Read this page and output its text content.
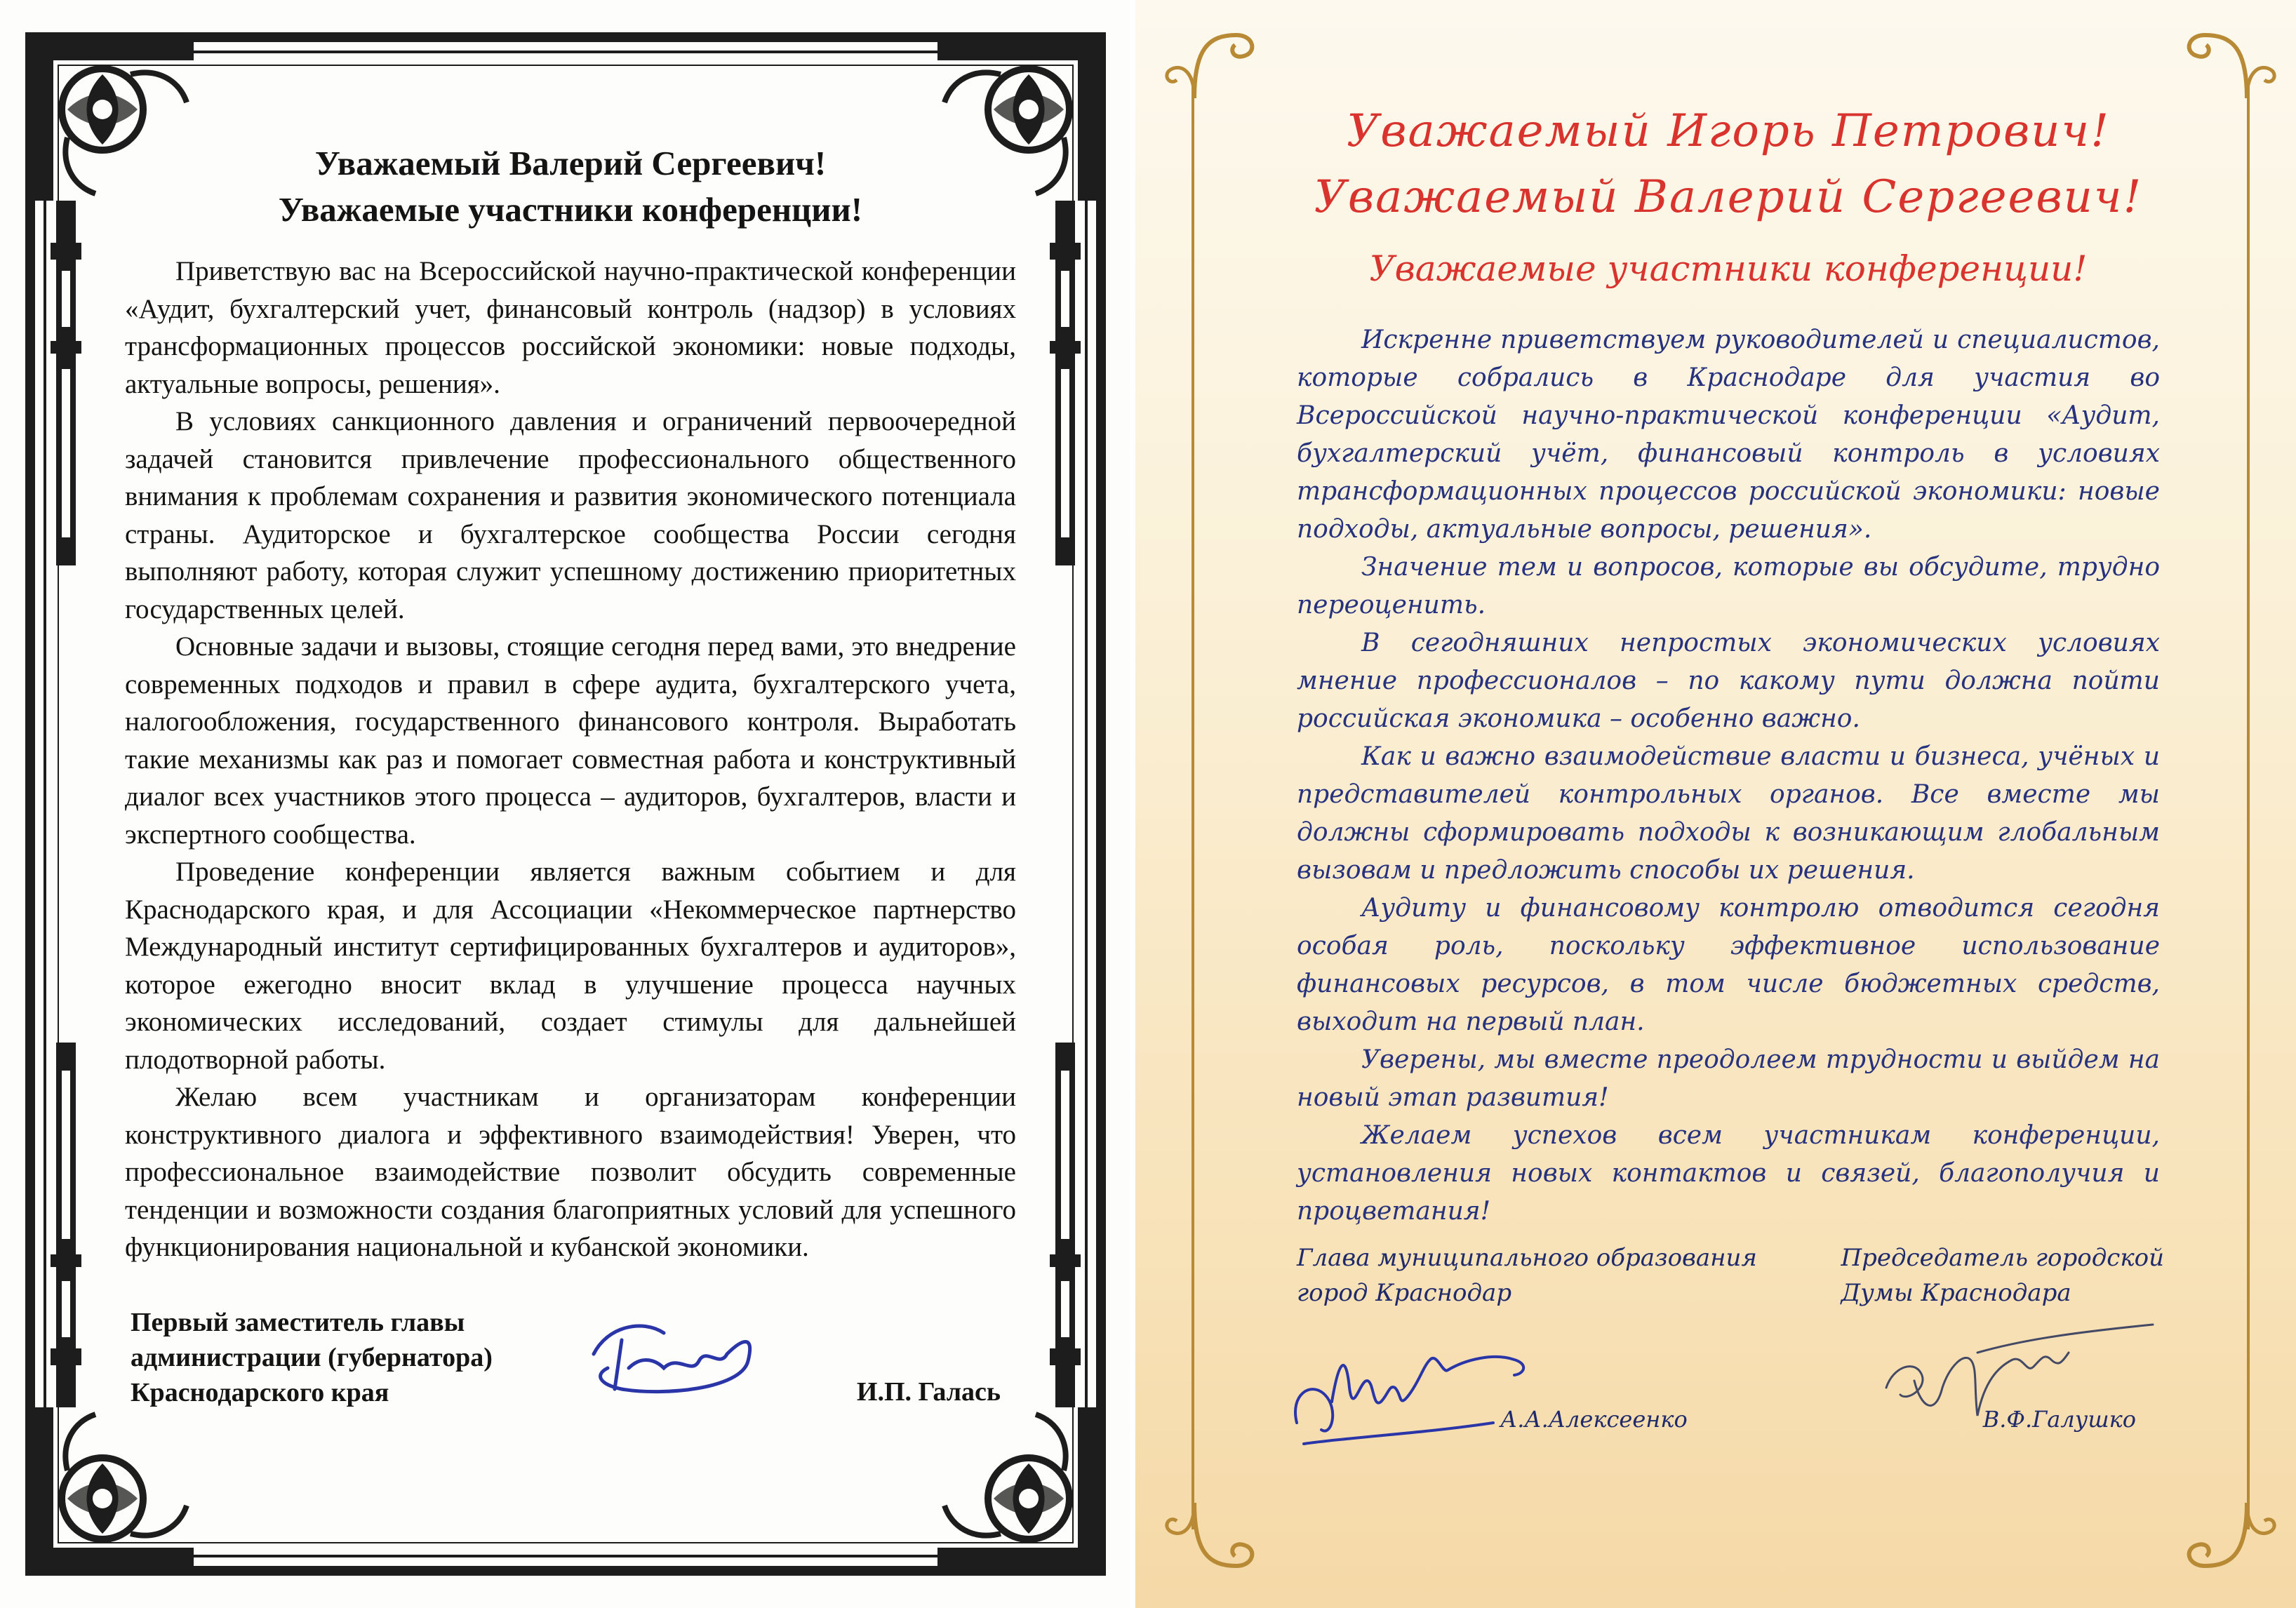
Уважаемый Валерий Сергеевич!
Уважаемые участники конференции!

Приветствую вас на Всероссийской научно-практической конференции «Аудит, бухгалтерский учет, финансовый контроль (надзор) в условиях трансформационных процессов российской экономики: новые подходы, актуальные вопросы, решения».

В условиях санкционного давления и ограничений первоочередной задачей становится привлечение профессионального общественного внимания к проблемам сохранения и развития экономического потенциала страны. Аудиторское и бухгалтерское сообщества России сегодня выполняют работу, которая служит успешному достижению приоритетных государственных целей.

Основные задачи и вызовы, стоящие сегодня перед вами, это внедрение современных подходов и правил в сфере аудита, бухгалтерского учета, налогообложения, государственного финансового контроля. Выработать такие механизмы как раз и помогает совместная работа и конструктивный диалог всех участников этого процесса – аудиторов, бухгалтеров, власти и экспертного сообщества.

Проведение конференции является важным событием и для Краснодарского края, и для Ассоциации «Некоммерческое партнерство Международный институт сертифицированных бухгалтеров и аудиторов», которое ежегодно вносит вклад в улучшение процесса научных экономических исследований, создает стимулы для дальнейшей плодотворной работы.

Желаю всем участникам и организаторам конференции конструктивного диалога и эффективного взаимодействия! Уверен, что профессиональное взаимодействие позволит обсудить современные тенденции и возможности создания благоприятных условий для успешного функционирования национальной и кубанской экономики.

Первый заместитель главы
администрации (губернатора)
Краснодарского края	И.П. Галась
Уважаемый Игорь Петрович!
Уважаемый Валерий Сергеевич!
Уважаемые участники конференции!

Искренне приветствуем руководителей и специалистов, которые собрались в Краснодаре для участия во Всероссийской научно-практической конференции «Аудит, бухгалтерский учёт, финансовый контроль в условиях трансформационных процессов российской экономики: новые подходы, актуальные вопросы, решения».

Значение тем и вопросов, которые вы обсудите, трудно переоценить.

В сегодняшних непростых экономических условиях мнение профессионалов – по какому пути должна пойти российская экономика – особенно важно.

Как и важно взаимодействие власти и бизнеса, учёных и представителей контрольных органов. Все вместе мы должны сформировать подходы к возникающим глобальным вызовам и предложить способы их решения.

Аудиту и финансовому контролю отводится сегодня особая роль, поскольку эффективное использование финансовых ресурсов, в том числе бюджетных средств, выходит на первый план.

Уверены, мы вместе преодолеем трудности и выйдем на новый этап развития!

Желаем успехов всем участникам конференции, установления новых контактов и связей, благополучия и процветания!

Глава муниципального образования
город Краснодар
Председатель городской
Думы Краснодара
А.А.Алексеенко	В.Ф.Галушко
